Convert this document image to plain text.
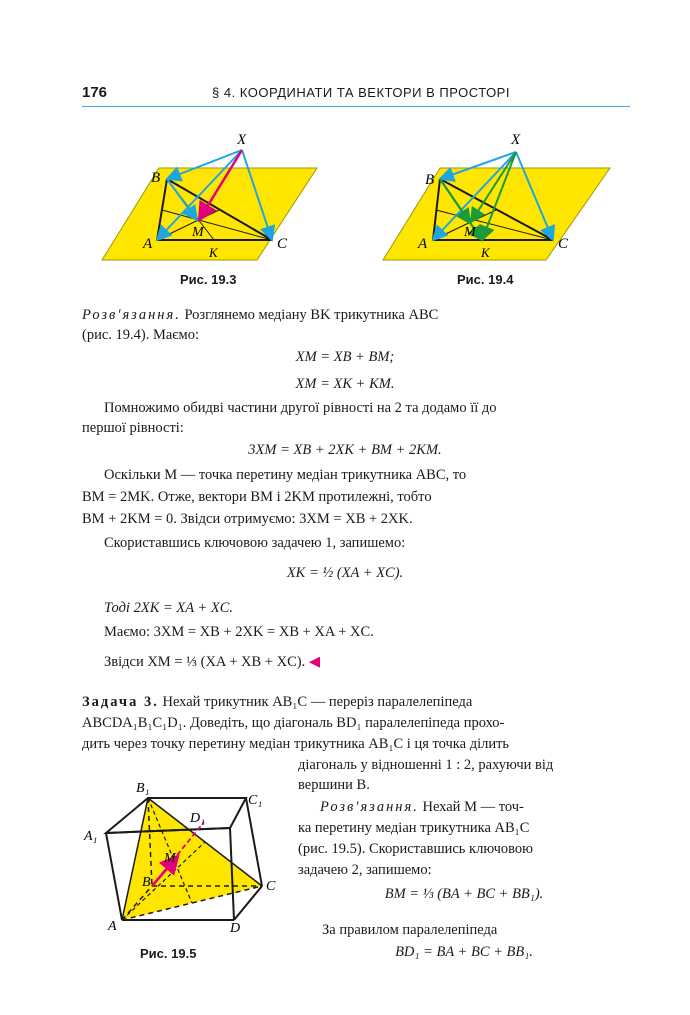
176	§ 4. КООРДИНАТИ ТА ВЕКТОРИ В ПРОСТОРІ
X
B
A	C
M
K
Рис. 19.3
X
B
A	C
M
K
Рис. 19.4
Розв'язання. Розглянемо медіану BK трикутника ABC
(рис. 19.4). Маємо:
XM = XB + BM;
XM = XK + KM.
Помножимо обидві частини другої рівності на 2 та додамо її до
першої рівності:
3XM = XB + 2XK + BM + 2KM.
Оскільки M — точка перетину медіан трикутника ABC, то
BM = 2MK. Отже, вектори BM і 2KM протилежні, тобто
BM + 2KM = 0. Звідси отримуємо: 3XM = XB + 2XK.
Скориставшись ключовою задачею 1, запишемо:
XK = ½ (XA + XC).
Тоді 2XK = XA + XC.
Маємо: 3XM = XB + 2XK = XB + XA + XC.
Звідси XM = ⅓ (XA + XB + XC). ◀
Задача 3. Нехай трикутник AB₁C — переріз паралелепіпеда
ABCDA₁B₁C₁D₁. Доведіть, що діагональ BD₁ паралелепіпеда прохо-
дить через точку перетину медіан трикутника AB₁C і ця точка ділить
діагональ у відношенні 1 : 2, рахуючи від
вершини B.
B₁
C₁
D₁
A₁
M
B	C
A	D
Рис. 19.5
Розв'язання. Нехай M — точ-
ка перетину медіан трикутника AB₁C
(рис. 19.5). Скориставшись ключовою
задачею 2, запишемо:
BM = ⅓ (BA + BC + BB₁).
За правилом паралелепіпеда
BD₁ = BA + BC + BB₁.
